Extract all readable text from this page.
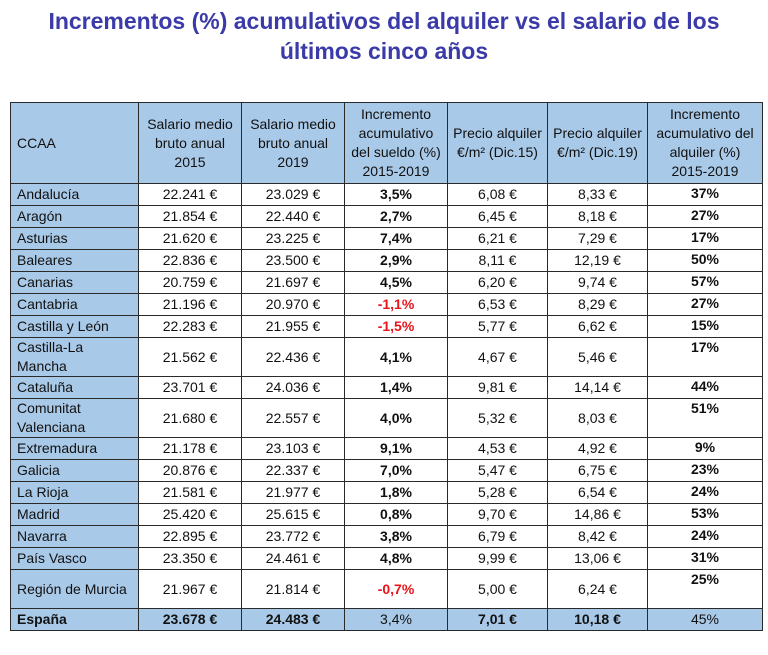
Incrementos (%) acumulativos del alquiler vs el salario de los
últimos cinco años
CCAA	Salario medio bruto anual 2015	Salario medio bruto anual 2019	Incremento acumulativo del sueldo (%) 2015-2019	Precio alquiler €/m² (Dic.15)	Precio alquiler €/m² (Dic.19)	Incremento acumulativo del alquiler (%) 2015-2019
Andalucía	22.241 €	23.029 €	3,5%	6,08 €	8,33 €	37%
Aragón	21.854 €	22.440 €	2,7%	6,45 €	8,18 €	27%
Asturias	21.620 €	23.225 €	7,4%	6,21 €	7,29 €	17%
Baleares	22.836 €	23.500 €	2,9%	8,11 €	12,19 €	50%
Canarias	20.759 €	21.697 €	4,5%	6,20 €	9,74 €	57%
Cantabria	21.196 €	20.970 €	-1,1%	6,53 €	8,29 €	27%
Castilla y León	22.283 €	21.955 €	-1,5%	5,77 €	6,62 €	15%
Castilla-La Mancha	21.562 €	22.436 €	4,1%	4,67 €	5,46 €	17%
Cataluña	23.701 €	24.036 €	1,4%	9,81 €	14,14 €	44%
Comunitat Valenciana	21.680 €	22.557 €	4,0%	5,32 €	8,03 €	51%
Extremadura	21.178 €	23.103 €	9,1%	4,53 €	4,92 €	9%
Galicia	20.876 €	22.337 €	7,0%	5,47 €	6,75 €	23%
La Rioja	21.581 €	21.977 €	1,8%	5,28 €	6,54 €	24%
Madrid	25.420 €	25.615 €	0,8%	9,70 €	14,86 €	53%
Navarra	22.895 €	23.772 €	3,8%	6,79 €	8,42 €	24%
País Vasco	23.350 €	24.461 €	4,8%	9,99 €	13,06 €	31%
Región de Murcia	21.967 €	21.814 €	-0,7%	5,00 €	6,24 €	25%
España	23.678 €	24.483 €	3,4%	7,01 €	10,18 €	45%
